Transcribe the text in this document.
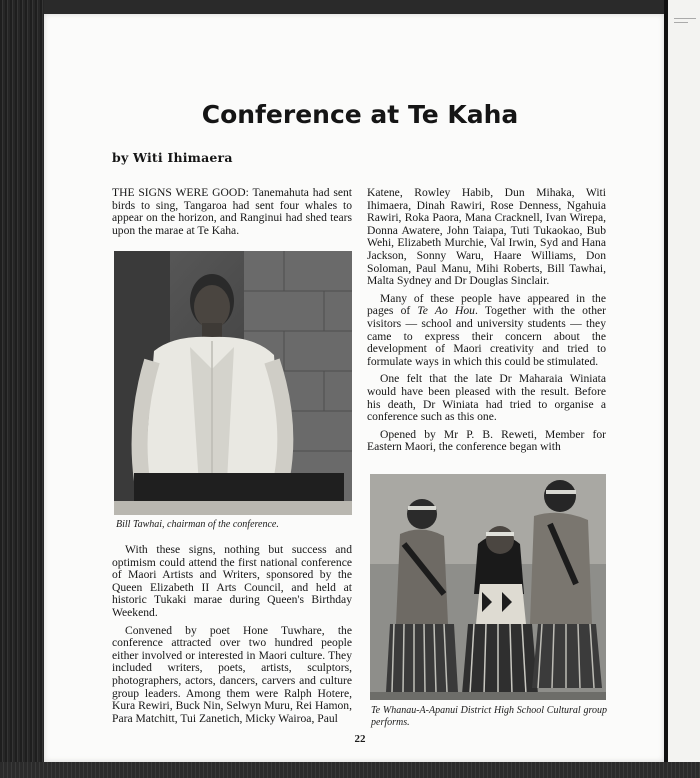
Conference at Te Kaha
by Witi Ihimaera

THE SIGNS WERE GOOD: Tanemahuta had sent birds to sing, Tangaroa had sent four whales to appear on the horizon, and Ranginui had shed tears upon the marae at Te Kaha.

Bill Tawhai, chairman of the conference.

With these signs, nothing but success and optimism could attend the first national conference of Maori Artists and Writers, sponsored by the Queen Elizabeth II Arts Council, and held at historic Tukaki marae during Queen's Birthday Weekend.

Convened by poet Hone Tuwhare, the conference attracted over two hundred people either involved or interested in Maori culture. They included writers, poets, artists, sculptors, photographers, actors, dancers, carvers and culture group leaders. Among them were Ralph Hotere, Kura Rewiri, Buck Nin, Selwyn Muru, Rei Hamon, Para Matchitt, Tui Zanetich, Micky Wairoa, Paul

Katene, Rowley Habib, Dun Mihaka, Witi Ihimaera, Dinah Rawiri, Rose Denness, Ngahuia Rawiri, Roka Paora, Mana Cracknell, Ivan Wirepa, Donna Awatere, John Taiapa, Tuti Tukaokao, Bub Wehi, Elizabeth Murchie, Val Irwin, Syd and Hana Jackson, Sonny Waru, Haare Williams, Don Soloman, Paul Manu, Mihi Roberts, Bill Tawhai, Malta Sydney and Dr Douglas Sinclair.

Many of these people have appeared in the pages of Te Ao Hou. Together with the other visitors — school and university students — they came to express their concern about the development of Maori creativity and tried to formulate ways in which this could be stimulated.

One felt that the late Dr Maharaia Winiata would have been pleased with the result. Before his death, Dr Winiata had tried to organise a conference such as this one.

Opened by Mr P. B. Reweti, Member for Eastern Maori, the conference began with

Te Whanau-A-Apanui District High School Cultural group performs.
22
